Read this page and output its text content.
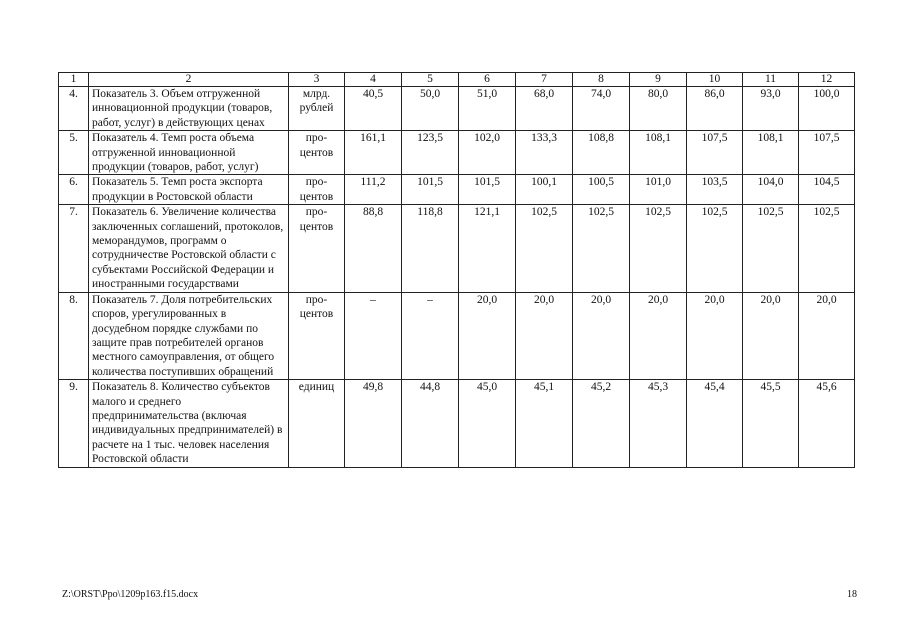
1	2	3	4	5	6	7	8	9	10	11	12
4.	Показатель 3. Объем отгруженной инновационной продукции (товаров, работ, услуг) в действующих ценах	млрд. рублей	40,5	50,0	51,0	68,0	74,0	80,0	86,0	93,0	100,0
5.	Показатель 4. Темп роста объема отгруженной инновационной продукции (товаров, работ, услуг)	про-центов	161,1	123,5	102,0	133,3	108,8	108,1	107,5	108,1	107,5
6.	Показатель 5. Темп роста экспорта продукции в Ростовской области	про-центов	111,2	101,5	101,5	100,1	100,5	101,0	103,5	104,0	104,5
7.	Показатель 6. Увеличение количества заключенных соглашений, протоколов, меморандумов, программ о сотрудничестве Ростовской области с субъектами Российской Федерации и иностранными государствами	про-центов	88,8	118,8	121,1	102,5	102,5	102,5	102,5	102,5	102,5
8.	Показатель 7. Доля потребительских споров, урегулированных в досудебном порядке службами по защите прав потребителей органов местного самоуправления, от общего количества поступивших обращений	про-центов	–	–	20,0	20,0	20,0	20,0	20,0	20,0	20,0
9.	Показатель 8. Количество субъектов малого и среднего предпринимательства (включая индивидуальных предпринимателей) в расчете на 1 тыс. человек населения Ростовской области	единиц	49,8	44,8	45,0	45,1	45,2	45,3	45,4	45,5	45,6
Z:\ORST\Ppo\1209p163.f15.docx	18
